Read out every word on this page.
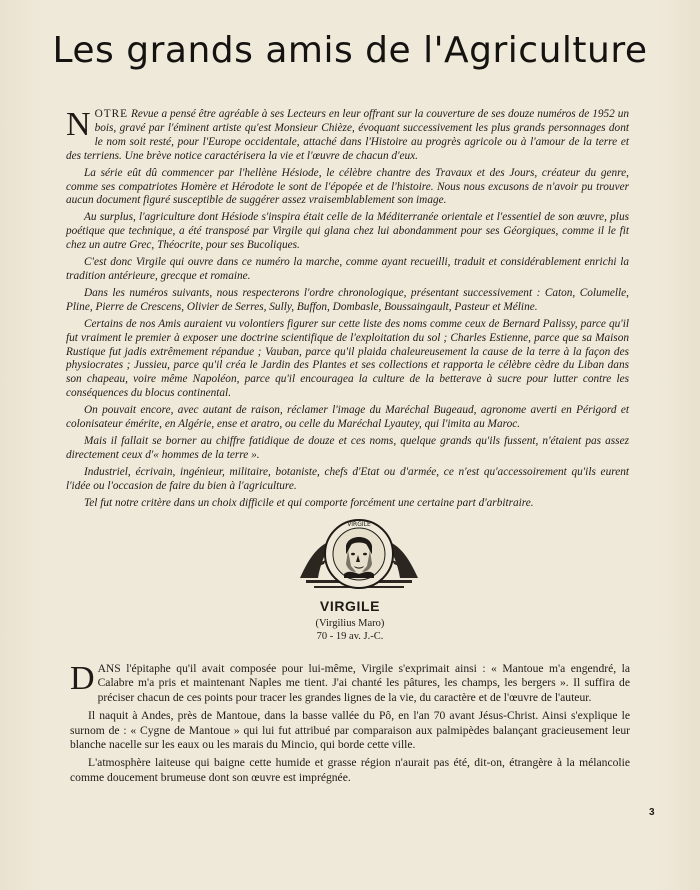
Les grands amis de l'Agriculture

NOTRE Revue a pensé être agréable à ses Lecteurs en leur offrant sur la couverture de ses douze numéros de 1952 un bois, gravé par l'éminent artiste qu'est Monsieur Chièze, évoquant successivement les plus grands personnages dont le nom soit resté, pour l'Europe occidentale, attaché dans l'Histoire au progrès agricole ou à l'amour de la terre et des terriens. Une brève notice caractérisera la vie et l'œuvre de chacun d'eux.

La série eût dû commencer par l'hellène Hésiode, le célèbre chantre des Travaux et des Jours, créateur du genre, comme ses compatriotes Homère et Hérodote le sont de l'épopée et de l'histoire. Nous nous excusons de n'avoir pu trouver aucun document figuré susceptible de suggérer assez vraisemblablement son image.

Au surplus, l'agriculture dont Hésiode s'inspira était celle de la Méditerranée orientale et l'essentiel de son œuvre, plus poétique que technique, a été transposé par Virgile qui glana chez lui abondamment pour ses Géorgiques, comme il le fit chez un autre Grec, Théocrite, pour ses Bucoliques.

C'est donc Virgile qui ouvre dans ce numéro la marche, comme ayant recueilli, traduit et considérablement enrichi la tradition antérieure, grecque et romaine.

Dans les numéros suivants, nous respecterons l'ordre chronologique, présentant successivement : Caton, Columelle, Pline, Pierre de Crescens, Olivier de Serres, Sully, Buffon, Dombasle, Boussaingault, Pasteur et Méline.

Certains de nos Amis auraient vu volontiers figurer sur cette liste des noms comme ceux de Bernard Palissy, parce qu'il fut vraiment le premier à exposer une doctrine scientifique de l'exploitation du sol ; Charles Estienne, parce que sa Maison Rustique fut jadis extrêmement répandue ; Vauban, parce qu'il plaida chaleureusement la cause de la terre à la façon des physiocrates ; Jussieu, parce qu'il créa le Jardin des Plantes et ses collections et rapporta le célèbre cèdre du Liban dans son chapeau, voire même Napoléon, parce qu'il encouragea la culture de la betterave à sucre pour lutter contre les conséquences du blocus continental.

On pouvait encore, avec autant de raison, réclamer l'image du Maréchal Bugeaud, agronome averti en Périgord et colonisateur émérite, en Algérie, ense et aratro, ou celle du Maréchal Lyautey, qui l'imita au Maroc.

Mais il fallait se borner au chiffre fatidique de douze et ces noms, quelque grands qu'ils fussent, n'étaient pas assez directement ceux d'« hommes de la terre ».

Industriel, écrivain, ingénieur, militaire, botaniste, chefs d'Etat ou d'armée, ce n'est qu'accessoirement qu'ils eurent l'idée ou l'occasion de faire du bien à l'agriculture.

Tel fut notre critère dans un choix difficile et qui comporte forcément une certaine part d'arbitraire.

VIRGILE
VIRGILE
(Virgilius Maro)
70 - 19 av. J.-C.

DANS l'épitaphe qu'il avait composée pour lui-même, Virgile s'exprimait ainsi : « Mantoue m'a engendré, la Calabre m'a pris et maintenant Naples me tient. J'ai chanté les pâtures, les champs, les bergers ». Il suffira de préciser chacun de ces points pour tracer les grandes lignes de la vie, du caractère et de l'œuvre de l'auteur.

Il naquit à Andes, près de Mantoue, dans la basse vallée du Pô, en l'an 70 avant Jésus-Christ. Ainsi s'explique le surnom de : « Cygne de Mantoue » qui lui fut attribué par comparaison aux palmipèdes balançant gracieusement leur blanche nacelle sur les eaux ou les marais du Mincio, qui borde cette ville.

L'atmosphère laiteuse qui baigne cette humide et grasse région n'aurait pas été, dit-on, étrangère à la mélancolie comme doucement brumeuse dont son œuvre est imprégnée.

3
